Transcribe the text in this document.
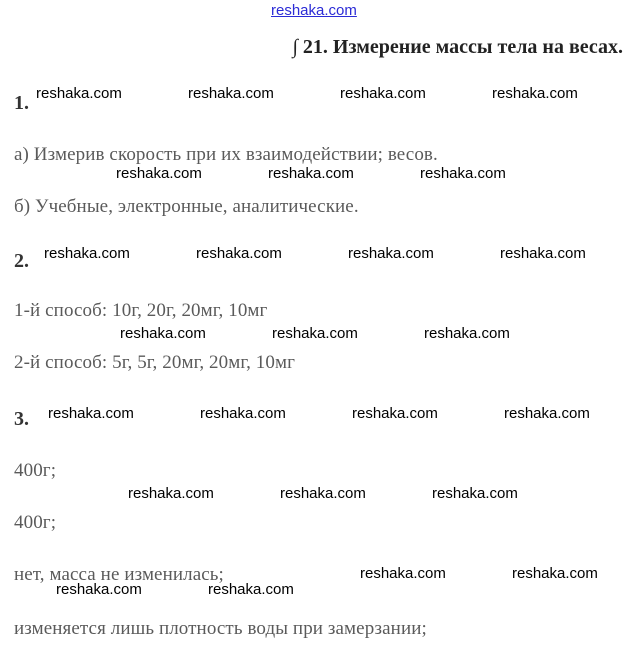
reshaka.com
∫ 21. Измерение массы тела на весах.
1.
а) Измерив скорость при их взаимодействии; весов.
б) Учебные, электронные, аналитические.
2.
1-й способ: 10г, 20г, 20мг, 10мг
2-й способ: 5г, 5г, 20мг, 20мг, 10мг
3.
400г;
400г;
нет, масса не изменилась;
изменяется лишь плотность воды при замерзании;
reshaka.com	reshaka.com	reshaka.com	reshaka.com
reshaka.com	reshaka.com	reshaka.com
reshaka.com	reshaka.com	reshaka.com	reshaka.com
reshaka.com	reshaka.com	reshaka.com
reshaka.com	reshaka.com	reshaka.com	reshaka.com
reshaka.com	reshaka.com	reshaka.com
reshaka.com	reshaka.com
reshaka.com	reshaka.com
